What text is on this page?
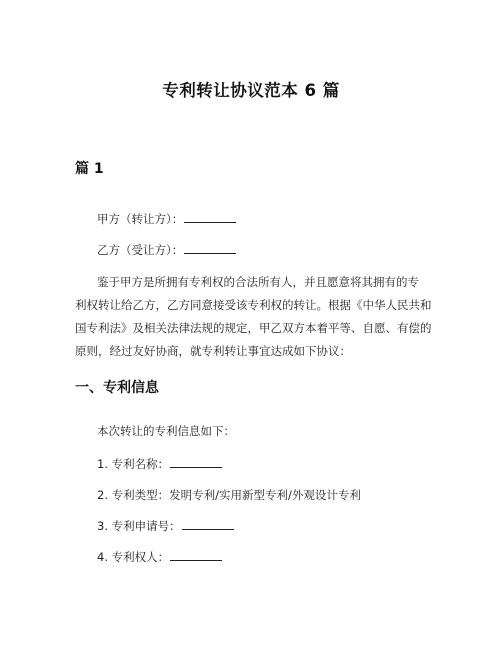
专利转让协议范本 6 篇
篇 1
甲方（转让方）：
乙方（受让方）：
鉴于甲方是所拥有专利权的合法所有人，并且愿意将其拥有的专
利权转让给乙方，乙方同意接受该专利权的转让。根据《中华人民共和
国专利法》及相关法律法规的规定，甲乙双方本着平等、自愿、有偿的
原则，经过友好协商，就专利转让事宜达成如下协议：
一、专利信息
本次转让的专利信息如下：
1. 专利名称：
2. 专利类型：发明专利/实用新型专利/外观设计专利
3. 专利申请号：
4. 专利权人：
